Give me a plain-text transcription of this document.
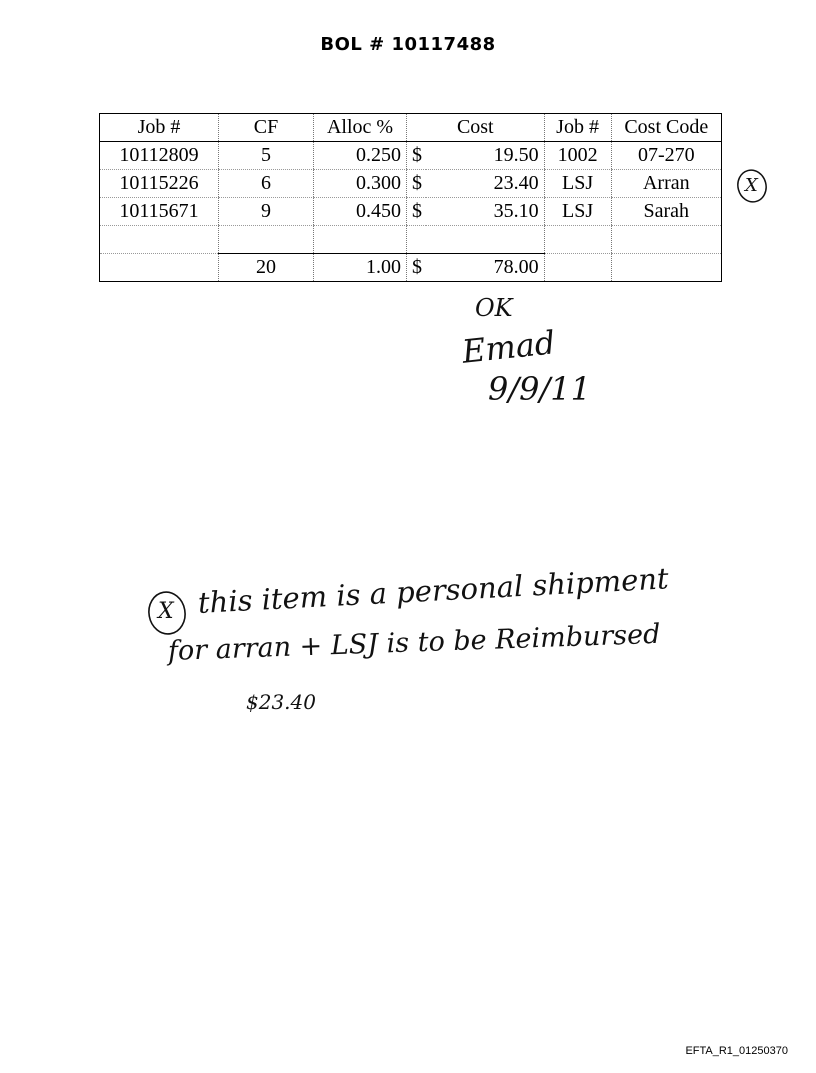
BOL # 10117488
Job #	CF	Alloc %	Cost		Job #	Cost Code
10112809	5	0.250	$	19.50	1002	07-270
10115226	6	0.300	$	23.40	LSJ	Arran
10115671	9	0.450	$	35.10	LSJ	Sarah

	20	1.00	$	78.00		
X
OK
Emad
9/9/11
X this item is a personal shipment
for arran + LSJ is to be Reimbursed
$23.40
EFTA_R1_01250370
